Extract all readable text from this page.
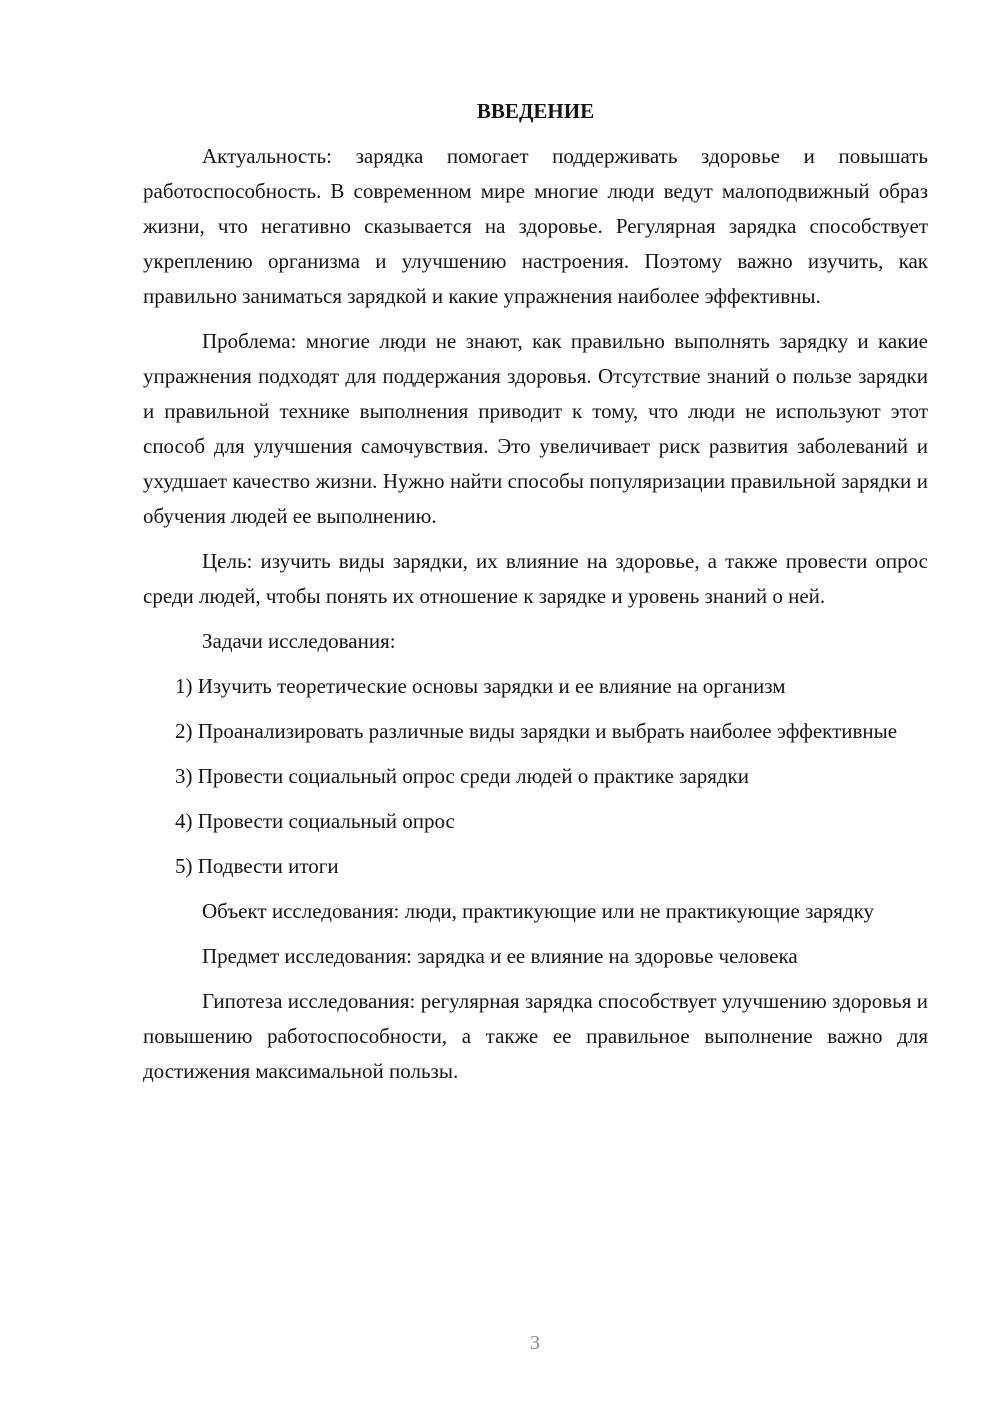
ВВЕДЕНИЕ

Актуальность: зарядка помогает поддерживать здоровье и повышать работоспособность. В современном мире многие люди ведут малоподвижный образ жизни, что негативно сказывается на здоровье. Регулярная зарядка способствует укреплению организма и улучшению настроения. Поэтому важно изучить, как правильно заниматься зарядкой и какие упражнения наиболее эффективны.

Проблема: многие люди не знают, как правильно выполнять зарядку и какие упражнения подходят для поддержания здоровья. Отсутствие знаний о пользе зарядки и правильной технике выполнения приводит к тому, что люди не используют этот способ для улучшения самочувствия. Это увеличивает риск развития заболеваний и ухудшает качество жизни. Нужно найти способы популяризации правильной зарядки и обучения людей ее выполнению.

Цель: изучить виды зарядки, их влияние на здоровье, а также провести опрос среди людей, чтобы понять их отношение к зарядке и уровень знаний о ней.

Задачи исследования:

1) Изучить теоретические основы зарядки и ее влияние на организм

2) Проанализировать различные виды зарядки и выбрать наиболее эффективные

3) Провести социальный опрос среди людей о практике зарядки

4) Провести социальный опрос

5) Подвести итоги

Объект исследования: люди, практикующие или не практикующие зарядку

Предмет исследования: зарядка и ее влияние на здоровье человека

Гипотеза исследования: регулярная зарядка способствует улучшению здоровья и повышению работоспособности, а также ее правильное выполнение важно для достижения максимальной пользы.

3
